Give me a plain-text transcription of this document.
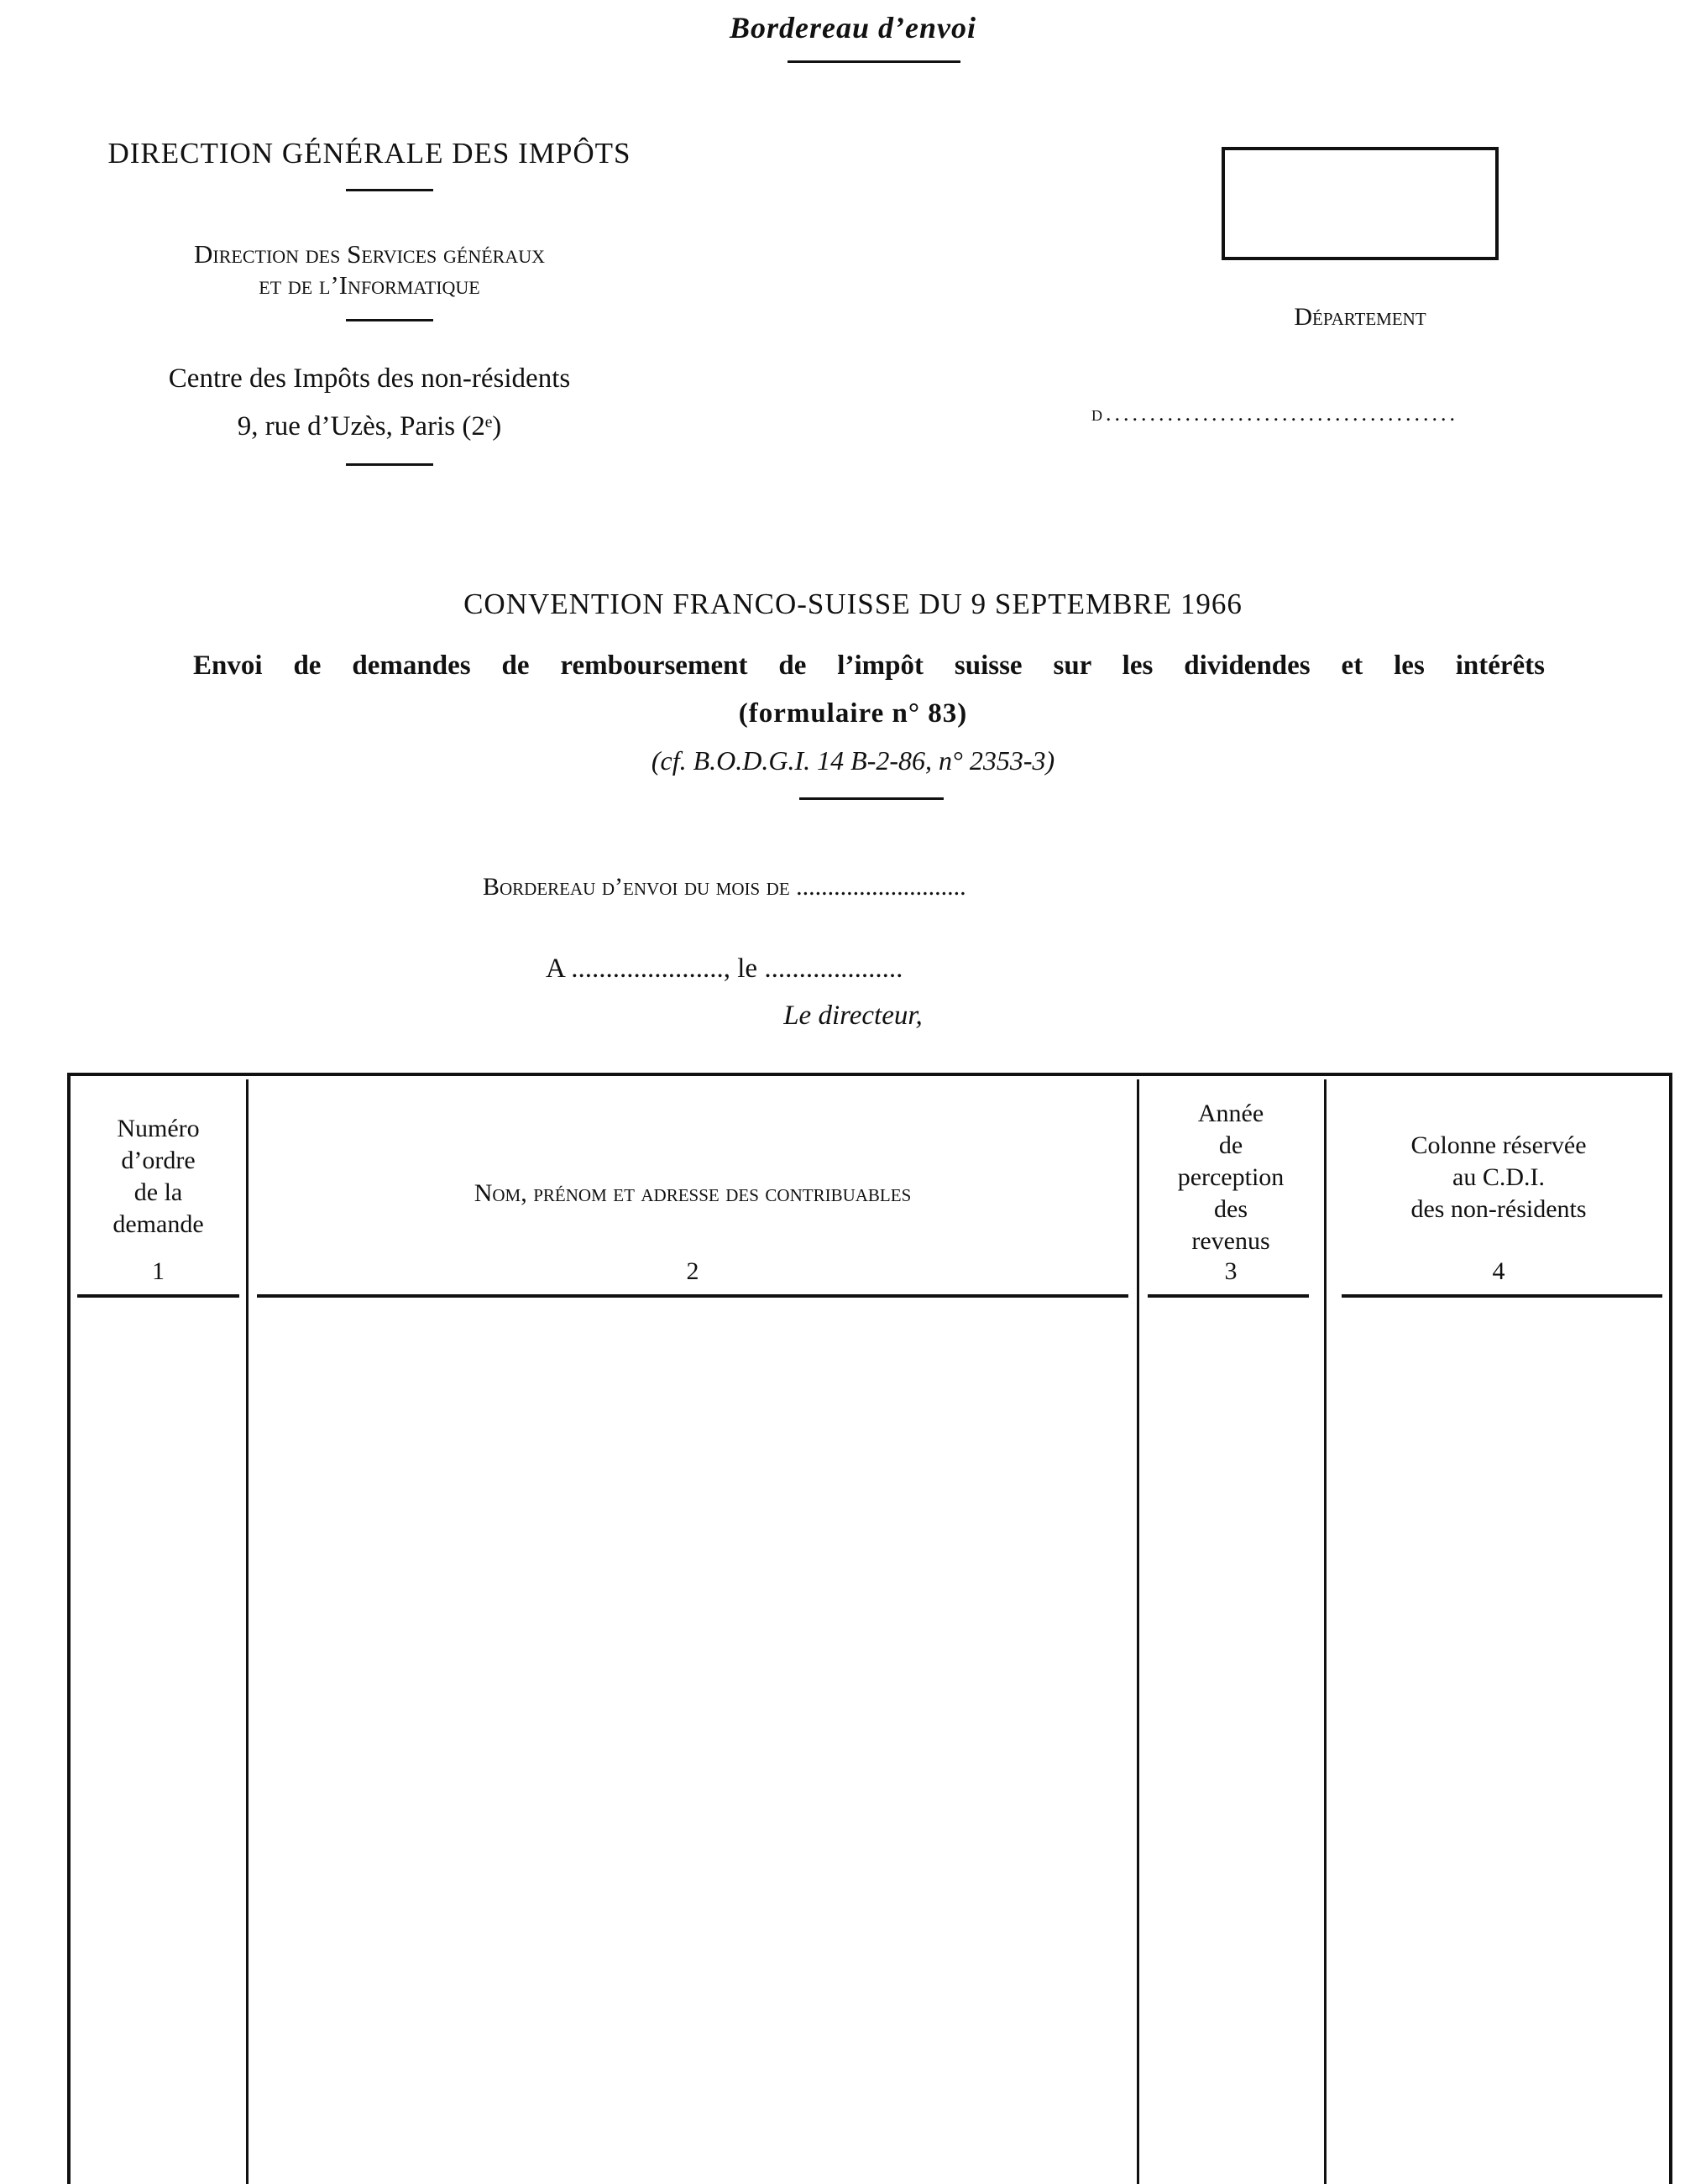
Bordereau d’envoi
DIRECTION GÉNÉRALE DES IMPÔTS
Direction des Services généraux
et de l’Informatique
Centre des Impôts des non-résidents
9, rue d’Uzès, Paris (2ᵉ)
Département
d........................................
CONVENTION FRANCO-SUISSE DU 9 SEPTEMBRE 1966
Envoi de demandes de remboursement de l’impôt suisse sur les dividendes et les intérêts
(formulaire n° 83)
(cf. B.O.D.G.I. 14 B-2-86, n° 2353-3)
Bordereau d’envoi du mois de ...........................
A ......................, le ....................
Le directeur,
Numéro
d’ordre
de la
demande
1
Nom, prénom et adresse des contribuables
2
Année
de
perception
des
revenus
3
Colonne réservée
au C.D.I.
des non-résidents
4
